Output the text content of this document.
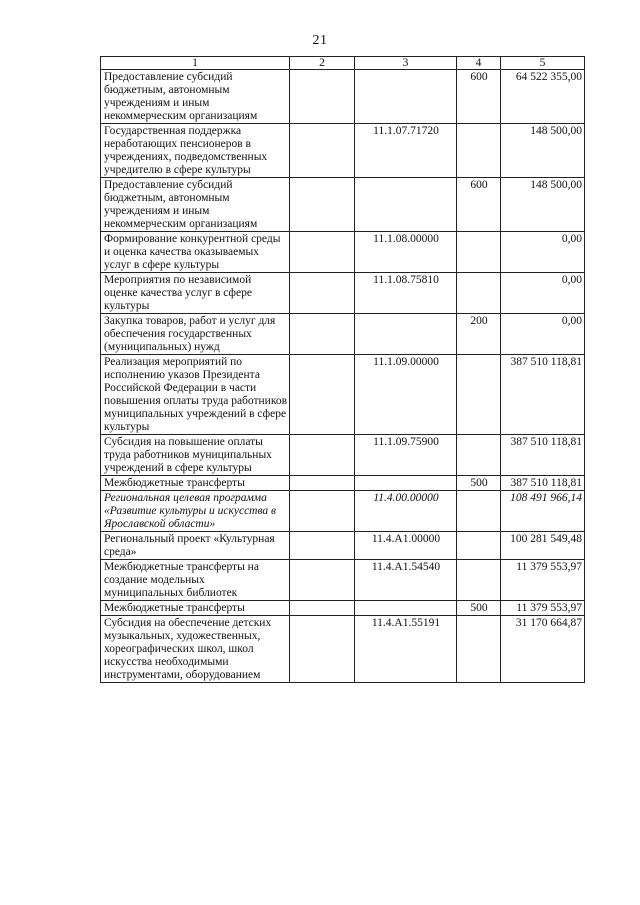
21
1	2	3	4	5
Предоставление субсидий бюджетным, автономным учреждениям и иным некоммерческим организациям			600	64 522 355,00
Государственная поддержка неработающих пенсионеров в учреждениях, подведомственных учредителю в сфере культуры		11.1.07.71720		148 500,00
Предоставление субсидий бюджетным, автономным учреждениям и иным некоммерческим организациям			600	148 500,00
Формирование конкурентной среды и оценка качества оказываемых услуг в сфере культуры		11.1.08.00000		0,00
Мероприятия по независимой оценке качества услуг в сфере культуры		11.1.08.75810		0,00
Закупка товаров, работ и услуг для обеспечения государственных (муниципальных) нужд			200	0,00
Реализация мероприятий по исполнению указов Президента Российской Федерации в части повышения оплаты труда работников муниципальных учреждений в сфере культуры		11.1.09.00000		387 510 118,81
Субсидия на повышение оплаты труда работников муниципальных учреждений в сфере культуры		11.1.09.75900		387 510 118,81
Межбюджетные трансферты			500	387 510 118,81
Региональная целевая программа «Развитие культуры и искусства в Ярославской области»		11.4.00.00000		108 491 966,14
Региональный проект «Культурная среда»		11.4.A1.00000		100 281 549,48
Межбюджетные трансферты на создание модельных муниципальных библиотек		11.4.A1.54540		11 379 553,97
Межбюджетные трансферты			500	11 379 553,97
Субсидия на обеспечение детских музыкальных, художественных, хореографических школ, школ искусства необходимыми инструментами, оборудованием		11.4.A1.55191		31 170 664,87
